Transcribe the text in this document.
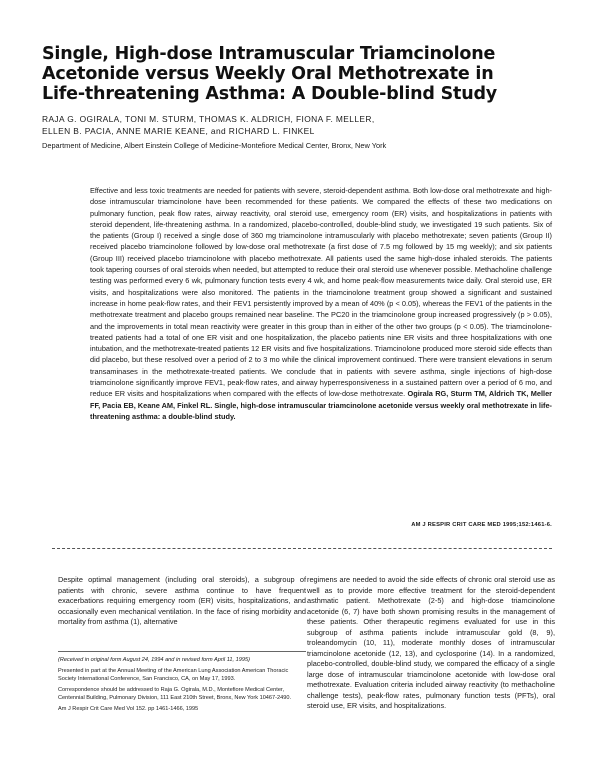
Single, High-dose Intramuscular Triamcinolone
Acetonide versus Weekly Oral Methotrexate in
Life-threatening Asthma: A Double-blind Study
RAJA G. OGIRALA, TONI M. STURM, THOMAS K. ALDRICH, FIONA F. MELLER,
ELLEN B. PACIA, ANNE MARIE KEANE, and RICHARD L. FINKEL
Department of Medicine, Albert Einstein College of Medicine-Montefiore Medical Center, Bronx, New York
Effective and less toxic treatments are needed for patients with severe, steroid-dependent asthma. Both low-dose oral methotrexate and high-dose intramuscular triamcinolone have been recommended for these patients. We compared the effects of these two medications on pulmonary function, peak flow rates, airway reactivity, oral steroid use, emergency room (ER) visits, and hospitalizations in patients with steroid dependent, life-threatening asthma. In a randomized, placebo-controlled, double-blind study, we investigated 19 such patients. Six of the patients (Group I) received a single dose of 360 mg triamcinolone intramuscularly with placebo methotrexate; seven patients (Group II) received placebo triamcinolone followed by low-dose oral methotrexate (a first dose of 7.5 mg followed by 15 mg weekly); and six patients (Group III) received placebo triamcinolone with placebo methotrexate. All patients used the same high-dose inhaled steroids. The patients took tapering courses of oral steroids when needed, but attempted to reduce their oral steroid use whenever possible. Methacholine challenge testing was performed every 6 wk, pulmonary function tests every 4 wk, and home peak-flow measurements twice daily. Oral steroid use, ER visits, and hospitalizations were also monitored. The patients in the triamcinolone treatment group showed a significant and sustained increase in home peak-flow rates, and their FEV1 persistently improved by a mean of 40% (p < 0.05), whereas the FEV1 of the patients in the methotrexate treatment and placebo groups remained near baseline. The PC20 in the triamcinolone group increased progressively (p > 0.05), and the improvements in total mean reactivity were greater in this group than in either of the other two groups (p < 0.05). The triamcinolone-treated patients had a total of one ER visit and one hospitalization, the placebo patients nine ER visits and three hospitalizations with one intubation, and the methotrexate-treated patients 12 ER visits and five hospitalizations. Triamcinolone produced more steroid side effects than did placebo, but these resolved over a period of 2 to 3 mo while the clinical improvement continued. There were transient elevations in serum transaminases in the methotrexate-treated patients. We conclude that in patients with severe asthma, single injections of high-dose triamcinolone significantly improve FEV1, peak-flow rates, and airway hyperresponsiveness in a sustained pattern over a period of 6 mo, and reduce ER visits and hospitalizations when compared with the effects of low-dose methotrexate. Ogirala RG, Sturm TM, Aldrich TK, Meller FF, Pacia EB, Keane AM, Finkel RL. Single, high-dose intramuscular triamcinolone acetonide versus weekly oral methotrexate in life-threatening asthma: a double-blind study.
AM J RESPIR CRIT CARE MED 1995;152:1461-6.
Despite optimal management (including oral steroids), a subgroup of patients with chronic, severe asthma continue to have frequent exacerbations requiring emergency room (ER) visits, hospitalizations, and occasionally even mechanical ventilation. In the face of rising morbidity and mortality from asthma (1), alternative

(Received in original form August 24, 1994 and in revised form April 11, 1995)

Presented in part at the Annual Meeting of the American Lung Association American Thoracic Society International Conference, San Francisco, CA, on May 17, 1993.

Correspondence should be addressed to Raja G. Ogirala, M.D., Montefiore Medical Center, Centennial Building, Pulmonary Division, 111 East 210th Street, Bronx, New York 10467-2490.

Am J Respir Crit Care Med Vol 152. pp 1461-1466, 1995

regimens are needed to avoid the side effects of chronic oral steroid use as well as to provide more effective treatment for the steroid-dependent asthmatic patient. Methotrexate (2-5) and high-dose triamcinolone acetonide (6, 7) have both shown promising results in the management of these patients. Other therapeutic regimens evaluated for use in this subgroup of asthma patients include intramuscular gold (8, 9), troleandomycin (10, 11), moderate monthly doses of intramuscular triamcinolone acetonide (12, 13), and cyclosporine (14). In a randomized, placebo-controlled, double-blind study, we compared the efficacy of a single large dose of intramuscular triamcinolone acetonide with low-dose oral methotrexate. Evaluation criteria included airway reactivity (to methacholine challenge tests), peak-flow rates, pulmonary function tests (PFTs), oral steroid use, ER visits, and hospitalizations.
